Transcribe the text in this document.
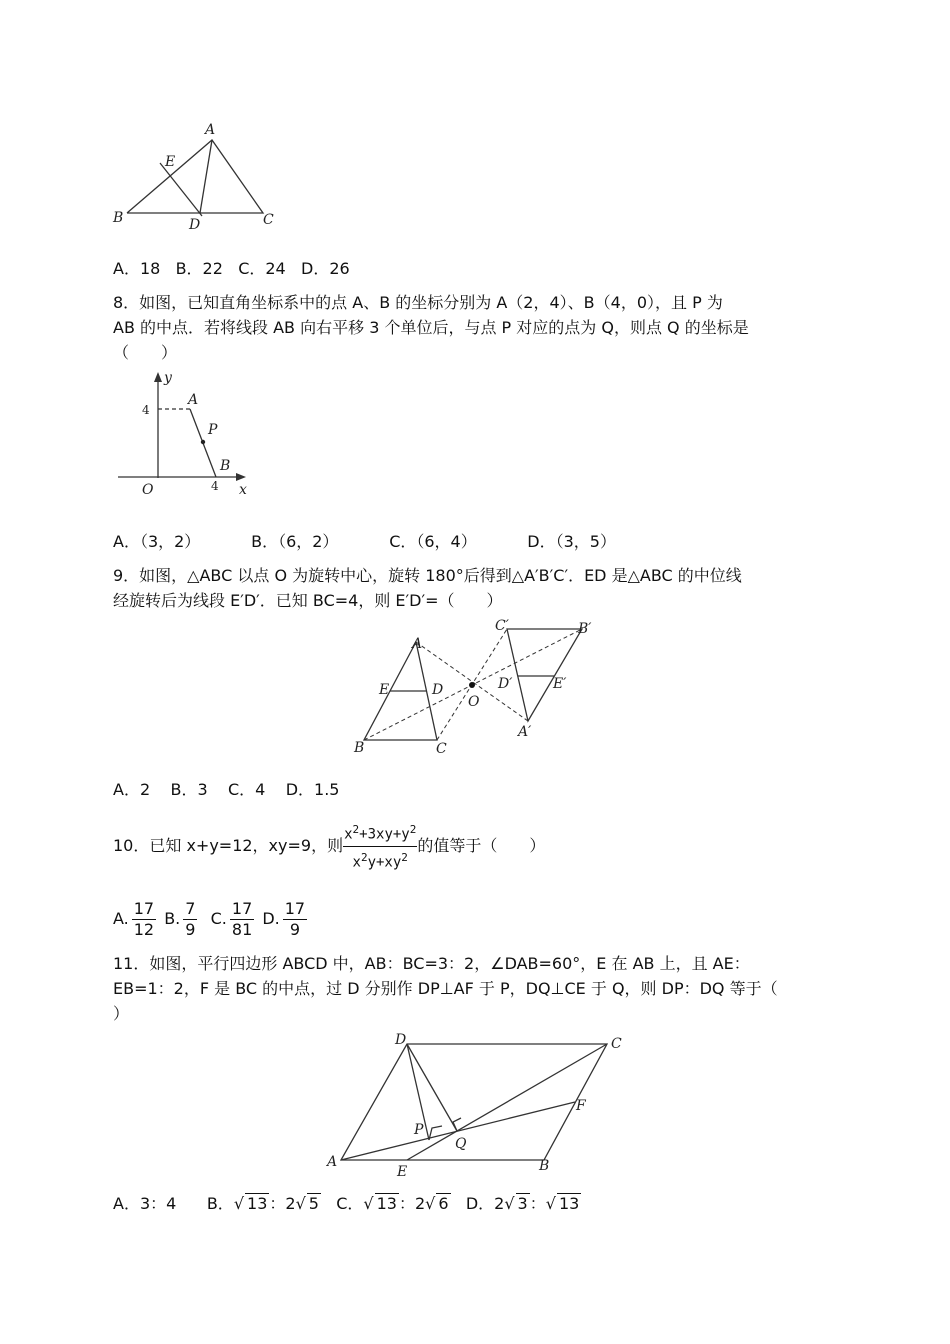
A
E
B	D	C
A．18 B．22 C．24 D．26
8．如图，已知直角坐标系中的点 A、B 的坐标分别为 A（2，4）、B（4，0），且 P 为
AB 的中点．若将线段 AB 向右平移 3 个单位后，与点 P 对应的点为 Q，则点 Q 的坐标是
（　　）
y
4
A
P
B
O	4 x
A．（3，2）	B．（6，2）	C．（6，4）	D．（3，5）
9．如图，△ABC 以点 O 为旋转中心，旋转 180°后得到△A′B′C′．ED 是△ABC 的中位线
经旋转后为线段 E′D′．已知 BC=4，则 E′D′=（　　）
A
E	D
B	C
O
C′	B′
D′	E′
A′
A．2 B．3 C．4 D．1.5
10．已知 x+y=12，xy=9，则 $\frac{x^2+3xy+y^2}{x^2y+xy^2}$ 的值等于（　　）
A. $\frac{17}{12}$
B. $\frac{7}{9}$
C. $\frac{17}{81}$
D. $\frac{17}{9}$
11．如图，平行四边形 ABCD 中，AB：BC=3：2，∠DAB=60°，E 在 AB 上，且 AE：
EB=1：2，F 是 BC 的中点，过 D 分别作 DP⊥AF 于 P，DQ⊥CE 于 Q，则 DP：DQ 等于（
）
D	C
F
P
Q
A
E	B
A．3：4 B．√ 13 ：2√ 5 C．√ 13 ：2√ 6 D．2√ 3 ：√ 13
